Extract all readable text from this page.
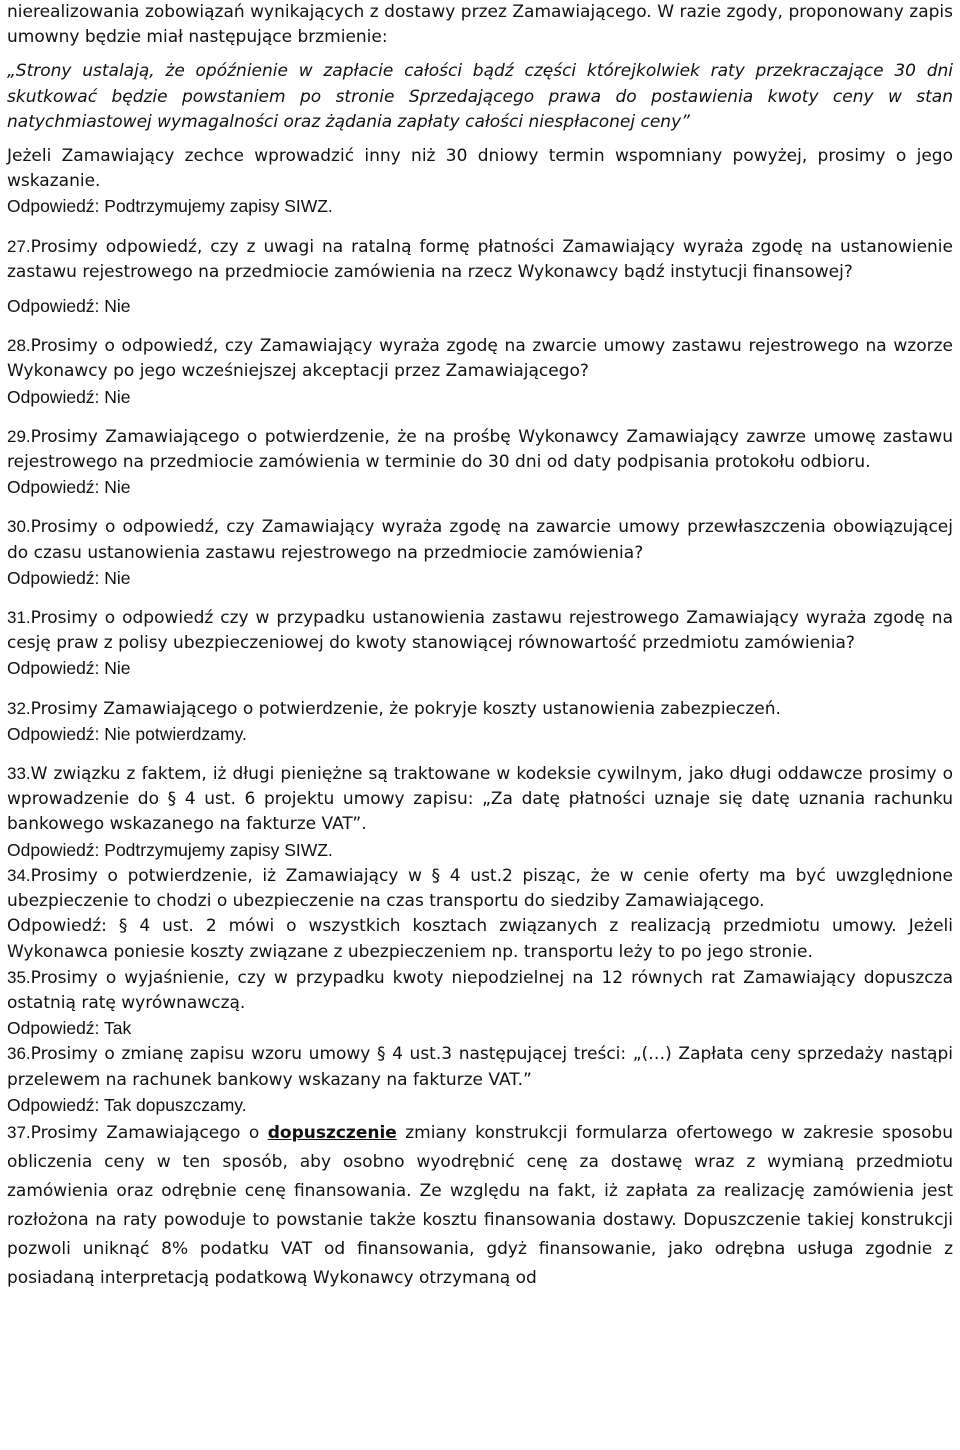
nierealizowania zobowiązań wynikających z dostawy przez Zamawiającego. W razie zgody, proponowany zapis umowny będzie miał następujące brzmienie:

„Strony ustalają, że opóźnienie w zapłacie całości bądź części którejkolwiek raty przekraczające 30 dni skutkować będzie powstaniem po stronie Sprzedającego prawa do postawienia kwoty ceny w stan natychmiastowej wymagalności oraz żądania zapłaty całości niespłaconej ceny”

Jeżeli Zamawiający zechce wprowadzić inny niż 30 dniowy termin wspomniany powyżej, prosimy o jego wskazanie.

Odpowiedź: Podtrzymujemy zapisy SIWZ.

27.Prosimy odpowiedź, czy z uwagi na ratalną formę płatności Zamawiający wyraża zgodę na ustanowienie zastawu rejestrowego na przedmiocie zamówienia na rzecz Wykonawcy bądź instytucji finansowej?

Odpowiedź: Nie

28.Prosimy o odpowiedź, czy Zamawiający wyraża zgodę na zwarcie umowy zastawu rejestrowego na wzorze Wykonawcy po jego wcześniejszej akceptacji przez Zamawiającego?

Odpowiedź: Nie

29.Prosimy Zamawiającego o potwierdzenie, że na prośbę Wykonawcy Zamawiający zawrze umowę zastawu rejestrowego na przedmiocie zamówienia w terminie do 30 dni od daty podpisania protokołu odbioru.

Odpowiedź: Nie

30.Prosimy o odpowiedź, czy Zamawiający wyraża zgodę na zawarcie umowy przewłaszczenia obowiązującej do czasu ustanowienia zastawu rejestrowego na przedmiocie zamówienia?

Odpowiedź: Nie

31.Prosimy o odpowiedź czy w przypadku ustanowienia zastawu rejestrowego Zamawiający wyraża zgodę na cesję praw z polisy ubezpieczeniowej do kwoty stanowiącej równowartość przedmiotu zamówienia?

Odpowiedź: Nie

32.Prosimy Zamawiającego o potwierdzenie, że pokryje koszty ustanowienia zabezpieczeń.

Odpowiedź: Nie potwierdzamy.

33.W związku z faktem, iż długi pieniężne są traktowane w kodeksie cywilnym, jako długi oddawcze prosimy o wprowadzenie do § 4 ust. 6 projektu umowy zapisu: „Za datę płatności uznaje się datę uznania rachunku bankowego wskazanego na fakturze VAT”.

Odpowiedź: Podtrzymujemy zapisy SIWZ.

34.Prosimy o potwierdzenie, iż Zamawiający w § 4 ust.2 pisząc, że w cenie oferty ma być uwzględnione ubezpieczenie to chodzi o ubezpieczenie na czas transportu do siedziby Zamawiającego.

Odpowiedź: § 4 ust. 2 mówi o wszystkich kosztach związanych z realizacją przedmiotu umowy. Jeżeli Wykonawca poniesie koszty związane z ubezpieczeniem np. transportu leży to po jego stronie.

35.Prosimy o wyjaśnienie, czy w przypadku kwoty niepodzielnej na 12 równych rat Zamawiający dopuszcza ostatnią ratę wyrównawczą.

Odpowiedź: Tak

36.Prosimy o zmianę zapisu wzoru umowy § 4 ust.3 następującej treści: „(…) Zapłata ceny sprzedaży nastąpi przelewem na rachunek bankowy wskazany na fakturze VAT.”

Odpowiedź: Tak dopuszczamy.

37.Prosimy Zamawiającego o dopuszczenie zmiany konstrukcji formularza ofertowego w zakresie sposobu obliczenia ceny w ten sposób, aby osobno wyodrębnić cenę za dostawę wraz z wymianą przedmiotu zamówienia oraz odrębnie cenę finansowania. Ze względu na fakt, iż zapłata za realizację zamówienia jest rozłożona na raty powoduje to powstanie także kosztu finansowania dostawy. Dopuszczenie takiej konstrukcji pozwoli uniknąć 8% podatku VAT od finansowania, gdyż finansowanie, jako odrębna usługa zgodnie z posiadaną interpretacją podatkową Wykonawcy otrzymaną od
